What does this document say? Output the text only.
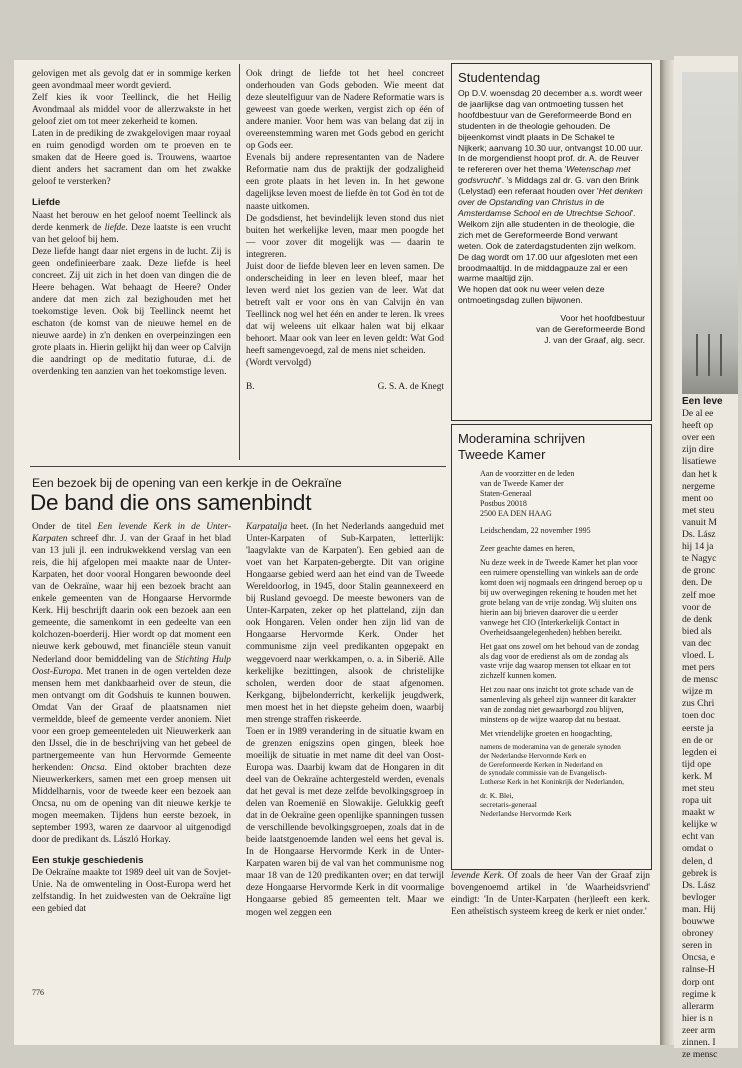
gelovigen met als gevolg dat er in sommige kerken geen avondmaal meer wordt gevierd.

Zelf kies ik voor Teellinck, die het Heilig Avondmaal als middel voor de allerzwakste in het geloof ziet om tot meer zekerheid te komen.

Laten in de prediking de zwakgelovigen maar royaal en ruim genodigd worden om te proeven en te smaken dat de Heere goed is. Trouwens, waartoe dient anders het sacrament dan om het zwakke geloof te versterken?

Liefde

Naast het berouw en het geloof noemt Teellinck als derde kenmerk de liefde. Deze laatste is een vrucht van het geloof bij hem.

Deze liefde hangt daar niet ergens in de lucht. Zij is geen ondefinieerbare zaak. Deze liefde is heel concreet. Zij uit zich in het doen van dingen die de Heere behagen. Wat behaagt de Heere? Onder andere dat men zich zal bezighouden met het toekomstige leven. Ook bij Teellinck neemt het eschaton (de komst van de nieuwe hemel en de nieuwe aarde) in z'n denken en overpeinzingen een grote plaats in. Hierin gelijkt hij dan weer op Calvijn die aandringt op de meditatio futurae, d.i. de overdenking ten aanzien van het toekomstige leven.

Ook dringt de liefde tot het heel concreet onderhouden van Gods geboden. Wie meent dat deze sleutelfiguur van de Nadere Reformatie wars is geweest van goede werken, vergist zich op één of andere manier. Voor hem was van belang dat zij in overeenstemming waren met Gods gebod en gericht op Gods eer.

Evenals bij andere representanten van de Nadere Reformatie nam dus de praktijk der godzaligheid een grote plaats in het leven in. In het gewone dagelijkse leven moest de liefde èn tot God èn tot de naaste uitkomen.

De godsdienst, het bevindelijk leven stond dus niet buiten het werkelijke leven, maar men poogde het — voor zover dit mogelijk was — daarin te integreren.

Juist door de liefde bleven leer en leven samen. De onderscheiding in leer en leven bleef, maar het leven werd niet los gezien van de leer. Wat dat betreft valt er voor ons èn van Calvijn èn van Teellinck nog wel het één en ander te leren. Ik vrees dat wij weleens uit elkaar halen wat bij elkaar behoort. Maar ook van leer en leven geldt: Wat God heeft samengevoegd, zal de mens niet scheiden.

(Wordt vervolgd)

B.	G. S. A. de Knegt

Studentendag

Op D.V. woensdag 20 december a.s. wordt weer de jaarlijkse dag van ontmoeting tussen het hoofdbestuur van de Gereformeerde Bond en studenten in de theologie gehouden. De bijeenkomst vindt plaats in De Schakel te Nijkerk; aanvang 10.30 uur, ontvangst 10.00 uur.

In de morgendienst hoopt prof. dr. A. de Reuver te refereren over het thema 'Wetenschap met godsvrucht'. 's Middags zal dr. G. van den Brink (Lelystad) een referaat houden over 'Het denken over de Opstanding van Christus in de Amsterdamse School en de Utrechtse School'.

Welkom zijn alle studenten in de theologie, die zich met de Gereformeerde Bond verwant weten. Ook de zaterdagstudenten zijn welkom.

De dag wordt om 17.00 uur afgesloten met een broodmaaltijd. In de middagpauze zal er een warme maaltijd zijn.

We hopen dat ook nu weer velen deze ontmoetingsdag zullen bijwonen.

Voor het hoofdbestuur

van de Gereformeerde Bond

J. van der Graaf, alg. secr.

Moderamina schrijven
Tweede Kamer

Aan de voorzitter en de leden
van de Tweede Kamer der
Staten-Generaal
Postbus 20018
2500 EA DEN HAAG

Leidschendam, 22 november 1995

Zeer geachte dames en heren,

Nu deze week in de Tweede Kamer het plan voor een ruimere openstelling van winkels aan de orde komt doen wij nogmaals een dringend beroep op u bij uw overwegingen rekening te houden met het grote belang van de vrije zondag. Wij sluiten ons hierin aan bij brieven daarover die u eerder vanwege het CIO (Interkerkelijk Contact in Overheidsaangelegenheden) hebben bereikt.

Het gaat ons zowel om het behoud van de zondag als dag voor de eredienst als om de zondag als vaste vrije dag waarop mensen tot elkaar en tot zichzelf kunnen komen.

Het zou naar ons inzicht tot grote schade van de samenleving als geheel zijn wanneer dit karakter van de zondag niet gewaarborgd zou blijven, minstens op de wijze waarop dat nu bestaat.

Met vriendelijke groeten en hoogachting,

namens de moderamina van de generale synoden
der Nederlandse Hervormde Kerk en
de Gereformeerde Kerken in Nederland en
de synodale commissie van de Evangelisch-
Lutherse Kerk in het Koninkrijk der Nederlanden,

dr. K. Blei,
secretaris-generaal
Nederlandse Hervormde Kerk

Een bezoek bij de opening van een kerkje in de Oekraïne
De band die ons samenbindt

Onder de titel Een levende Kerk in de Unter-Karpaten schreef dhr. J. van der Graaf in het blad van 13 juli jl. een indrukwekkend verslag van een reis, die hij afgelopen mei maakte naar de Unter-Karpaten, het door vooral Hongaren bewoonde deel van de Oekraïne, waar hij een bezoek bracht aan enkele gemeenten van de Hongaarse Hervormde Kerk. Hij beschrijft daarin ook een bezoek aan een gemeente, die samenkomt in een gedeelte van een kolchozen-boerderij. Hier wordt op dat moment een nieuwe kerk gebouwd, met financiële steun vanuit Nederland door bemiddeling van de Stichting Hulp Oost-Europa. Met tranen in de ogen vertelden deze mensen hem met dankbaarheid over de steun, die men ontvangt om dit Godshuis te kunnen bouwen. Omdat Van der Graaf de plaatsnamen niet vermeldde, bleef de gemeente verder anoniem. Niet voor een groep gemeenteleden uit Nieuwerkerk aan den IJssel, die in de beschrijving van het gebeel de partnergemeente van hun Hervormde Gemeente herkenden: Oncsa. Eind oktober brachten deze Nieuwerkerkers, samen met een groep mensen uit Middelharnis, voor de tweede keer een bezoek aan Oncsa, nu om de opening van dit nieuwe kerkje te mogen meemaken. Tijdens hun eerste bezoek, in september 1993, waren ze daarvoor al uitgenodigd door de predikant ds. László Horkay.

Een stukje geschiedenis

De Oekraïne maakte tot 1989 deel uit van de Sovjet-Unie. Na de omwenteling in Oost-Europa werd het zelfstandig. In het zuidwesten van de Oekraïne ligt een gebied dat

Karpatalja heet. (In het Nederlands aangeduid met Unter-Karpaten of Sub-Karpaten, letterlijk: 'laagvlakte van de Karpaten'). Een gebied aan de voet van het Karpaten-gebergte. Dit van origine Hongaarse gebied werd aan het eind van de Tweede Wereldoorlog, in 1945, door Stalin geannexeerd en bij Rusland gevoegd. De meeste bewoners van de Unter-Karpaten, zeker op het platteland, zijn dan ook Hongaren. Velen onder hen zijn lid van de Hongaarse Hervormde Kerk. Onder het communisme zijn veel predikanten opgepakt en weggevoerd naar werkkampen, o. a. in Siberië. Alle kerkelijke bezittingen, alsook de christelijke scholen, werden door de staat afgenomen. Kerkgang, bijbelonderricht, kerkelijk jeugdwerk, men moest het in het diepste geheim doen, waarbij men strenge straffen riskeerde.

Toen er in 1989 verandering in de situatie kwam en de grenzen enigszins open gingen, bleek hoe moeilijk de situatie in met name dit deel van Oost-Europa was. Daarbij kwam dat de Hongaren in dit deel van de Oekraïne achtergesteld werden, evenals dat het geval is met deze zelfde bevolkingsgroep in delen van Roemenië en Slowakije. Gelukkig geeft dat in de Oekraïne geen openlijke spanningen tussen de verschillende bevolkingsgroepen, zoals dat in de beide laatstgenoemde landen wel eens het geval is. In de Hongaarse Hervormde Kerk in de Unter-Karpaten waren bij de val van het communisme nog maar 18 van de 120 predikanten over; en dat terwijl deze Hongaarse Hervormde Kerk in dit voormalige Hongaarse gebied 85 gemeenten telt. Maar we mogen wel zeggen een

levende Kerk. Of zoals de heer Van der Graaf zijn bovengenoemd artikel in 'de Waarheidsvriend' eindigt: 'In de Unter-Karpaten (her)leeft een kerk. Een atheïstisch systeem kreeg de kerk er niet onder.'

776
Een leve
De al ee
heeft op
over een
zijn dire
lisatiewe
dan het k
nergeme
ment oo
met steu
vanuit M
Ds. Lász
hij 14 ja
te Nagyc
de gronc
den. De
zelf moe
voor de
de denk
bied als
van dec
vloed. L
met pers
de mensc
wijze m
zus Chri
toen doc
eerste ja
en de or
legden ei
tijd ope
kerk. M
met steu
ropa uit
maakt w
kelijke w
echt van
omdat o
delen, d
gebrek is
Ds. Lász
bevloger
man. Hij
bouwwe
obroney
seren in
Oncsa, e
ralnse-H
dorp ont
regime k
allerarm
hier is n
zeer arm
zinnen. I
ze mensc
